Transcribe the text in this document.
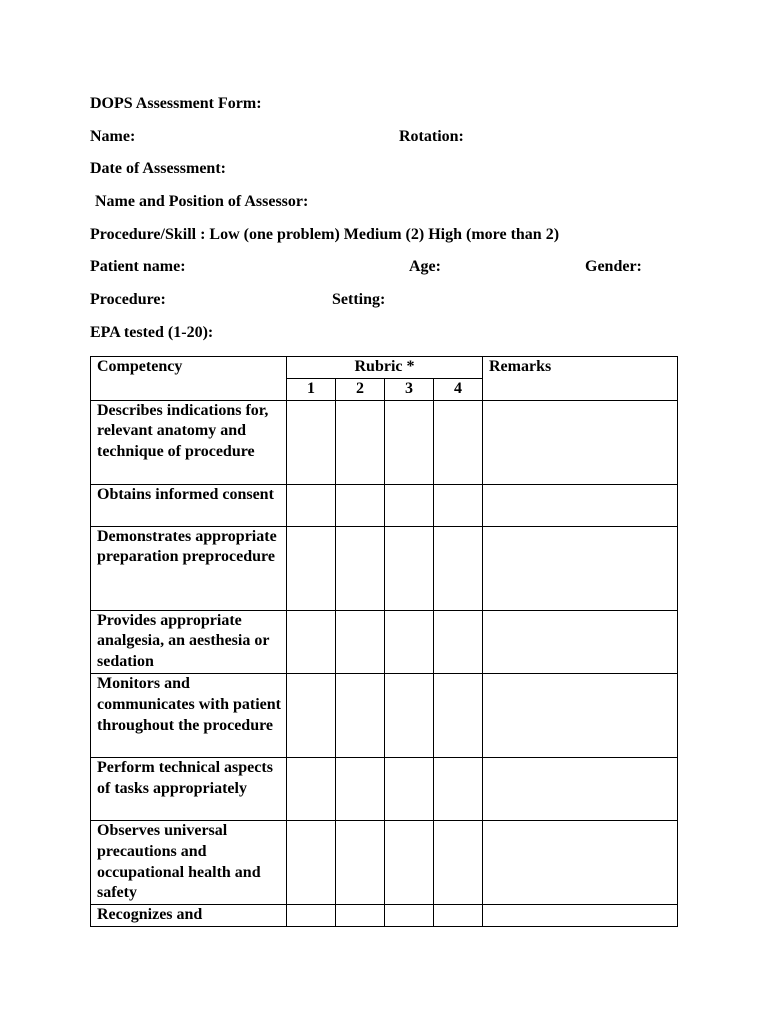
DOPS Assessment Form:
Name:	Rotation:
Date of Assessment:
Name and Position of Assessor:
Procedure/Skill : Low (one problem) Medium (2) High (more than 2)
Patient name:	Age:	Gender:
Procedure:	Setting:
EPA tested (1-20):
Competency	Rubric *				Remarks
	1	2	3	4	

Describes indications for, relevant anatomy and technique of procedure					

Obtains informed consent					

Demonstrates appropriate preparation preprocedure					

Provides appropriate analgesia, an aesthesia or sedation					

Monitors and communicates with patient throughout the procedure					

Perform technical aspects of tasks appropriately					

Observes universal precautions and occupational health and safety					

Recognizes and					
